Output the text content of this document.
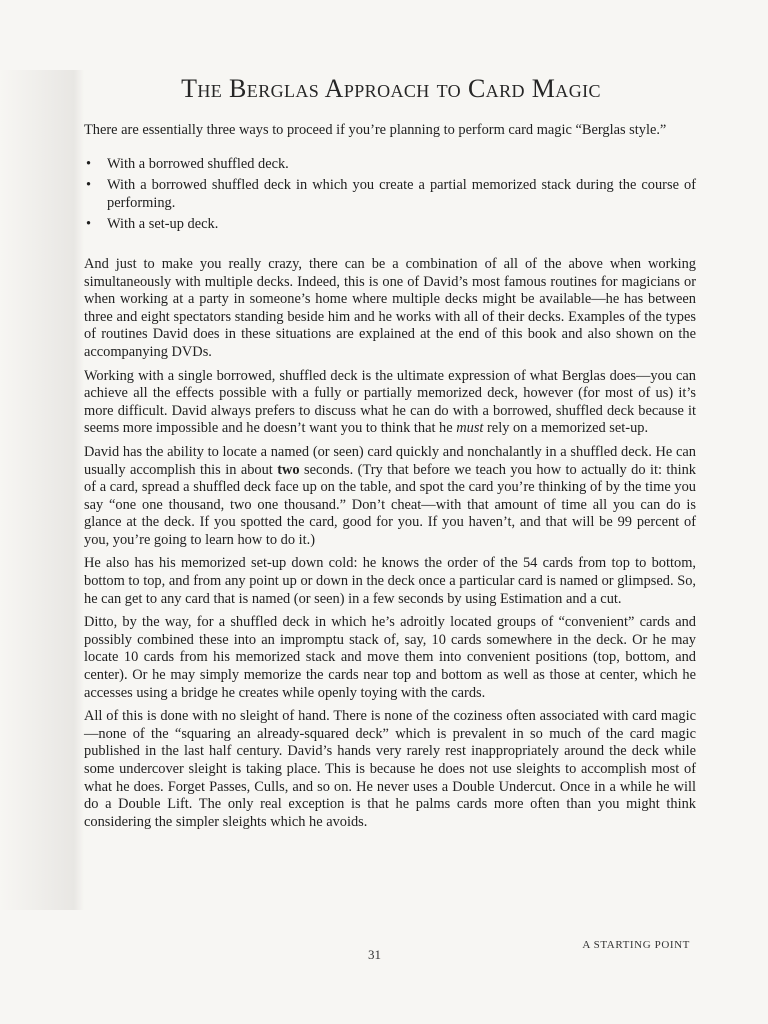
The Berglas Approach to Card Magic

There are essentially three ways to proceed if you’re planning to perform card magic “Berglas style.”

• With a borrowed shuffled deck.
• With a borrowed shuffled deck in which you create a partial memorized stack during the course of performing.
• With a set-up deck.

And just to make you really crazy, there can be a combination of all of the above when working simultaneously with multiple decks. Indeed, this is one of David’s most famous routines for magicians or when working at a party in someone’s home where multiple decks might be available—he has between three and eight spectators standing beside him and he works with all of their decks. Examples of the types of routines David does in these situations are explained at the end of this book and also shown on the accompanying DVDs.

Working with a single borrowed, shuffled deck is the ultimate expression of what Berglas does—you can achieve all the effects possible with a fully or partially memorized deck, however (for most of us) it’s more difficult. David always prefers to discuss what he can do with a borrowed, shuffled deck because it seems more impossible and he doesn’t want you to think that he must rely on a memorized set-up.

David has the ability to locate a named (or seen) card quickly and nonchalantly in a shuffled deck. He can usually accomplish this in about two seconds. (Try that before we teach you how to actually do it: think of a card, spread a shuffled deck face up on the table, and spot the card you’re thinking of by the time you say “one one thousand, two one thousand.” Don’t cheat—with that amount of time all you can do is glance at the deck. If you spotted the card, good for you. If you haven’t, and that will be 99 percent of you, you’re going to learn how to do it.)

He also has his memorized set-up down cold: he knows the order of the 54 cards from top to bottom, bottom to top, and from any point up or down in the deck once a particular card is named or glimpsed. So, he can get to any card that is named (or seen) in a few seconds by using Estimation and a cut.

Ditto, by the way, for a shuffled deck in which he’s adroitly located groups of “convenient” cards and possibly combined these into an impromptu stack of, say, 10 cards somewhere in the deck. Or he may locate 10 cards from his memorized stack and move them into convenient positions (top, bottom, and center). Or he may simply memorize the cards near top and bottom as well as those at center, which he accesses using a bridge he creates while openly toying with the cards.

All of this is done with no sleight of hand. There is none of the coziness often associated with card magic—none of the “squaring an already-squared deck” which is prevalent in so much of the card magic published in the last half century. David’s hands very rarely rest inappropriately around the deck while some undercover sleight is taking place. This is because he does not use sleights to accomplish most of what he does. Forget Passes, Culls, and so on. He never uses a Double Undercut. Once in a while he will do a Double Lift. The only real exception is that he palms cards more often than you might think considering the simpler sleights which he avoids.

A STARTING POINT
31
